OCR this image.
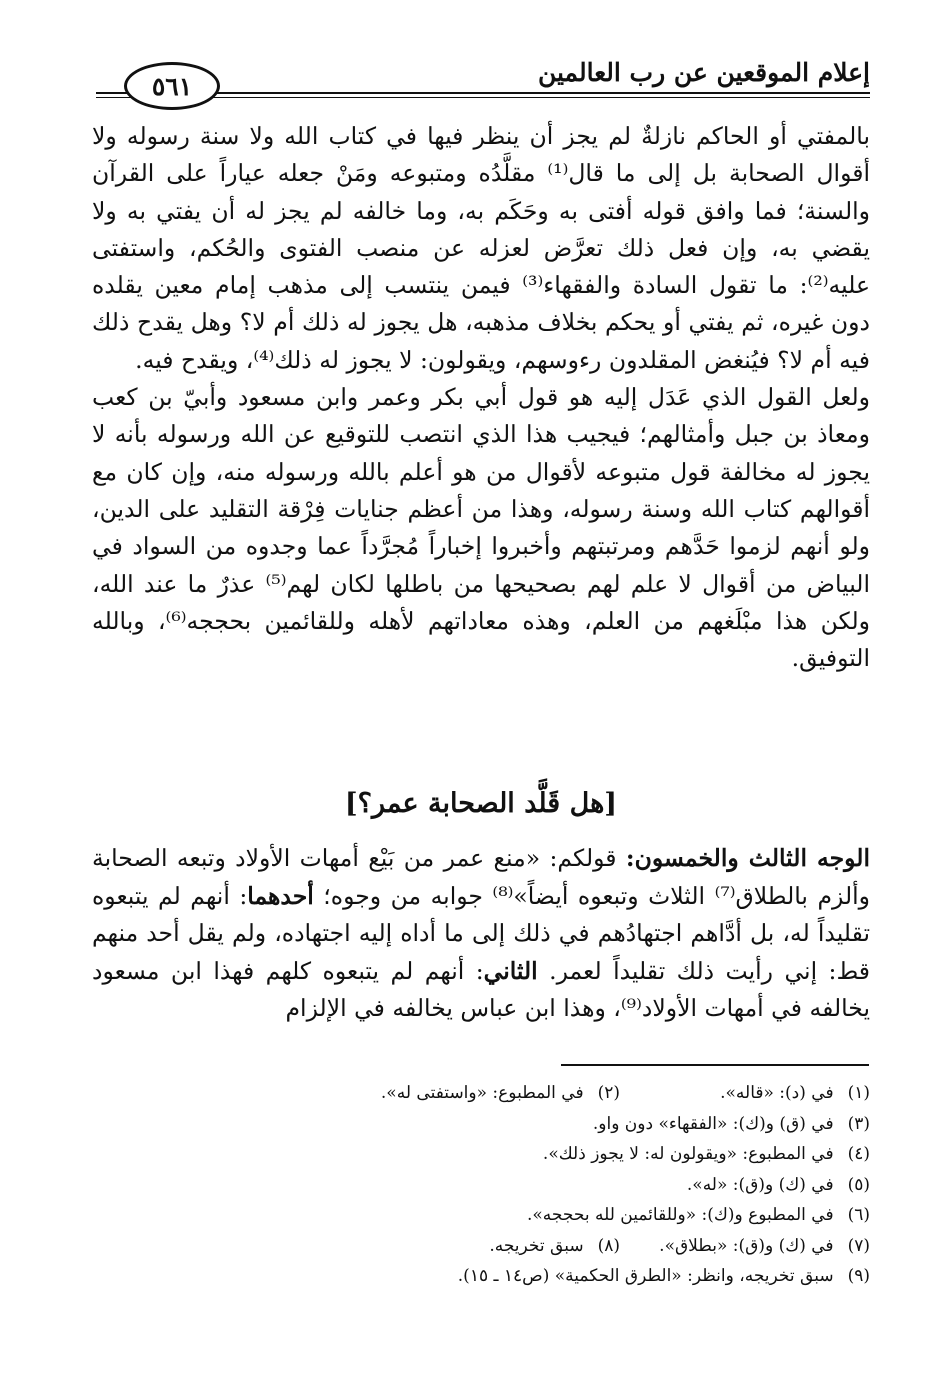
إعلام الموقعين عن رب العالمين
٥٦١

بالمفتي أو الحاكم نازلةٌ لم يجز أن ينظر فيها في كتاب الله ولا سنة رسوله ولا أقوال الصحابة بل إلى ما قال⁽¹⁾ مقلَّدُه ومتبوعه ومَنْ جعله عياراً على القرآن والسنة؛ فما وافق قوله أفتى به وحَكَم به، وما خالفه لم يجز له أن يفتي به ولا يقضي به، وإن فعل ذلك تعرَّض لعزله عن منصب الفتوى والحُكم، واستفتى عليه⁽²⁾: ما تقول السادة والفقهاء⁽³⁾ فيمن ينتسب إلى مذهب إمام معين يقلده دون غيره، ثم يفتي أو يحكم بخلاف مذهبه، هل يجوز له ذلك أم لا؟ وهل يقدح ذلك فيه أم لا؟ فيُنغض المقلدون رءوسهم، ويقولون: لا يجوز له ذلك⁽⁴⁾، ويقدح فيه.

ولعل القول الذي عَدَل إليه هو قول أبي بكر وعمر وابن مسعود وأبيّ بن كعب ومعاذ بن جبل وأمثالهم؛ فيجيب هذا الذي انتصب للتوقيع عن الله ورسوله بأنه لا يجوز له مخالفة قول متبوعه لأقوال من هو أعلم بالله ورسوله منه، وإن كان مع أقوالهم كتاب الله وسنة رسوله، وهذا من أعظم جنايات فِرْقة التقليد على الدين، ولو أنهم لزموا حَدَّهم ومرتبتهم وأخبروا إخباراً مُجرَّداً عما وجدوه من السواد في البياض من أقوال لا علم لهم بصحيحها من باطلها لكان لهم⁽⁵⁾ عذرٌ ما عند الله، ولكن هذا مبْلَغهم من العلم، وهذه معاداتهم لأهله وللقائمين بحججه⁽⁶⁾، وبالله التوفيق.

[هل قَلَّد الصحابة عمر؟]
الوجه الثالث والخمسون: قولكم: «منع عمر من بَيْع أمهات الأولاد وتبعه الصحابة وألزم بالطلاق⁽⁷⁾ الثلاث وتبعوه أيضاً»⁽⁸⁾ جوابه من وجوه؛ أحدهما: أنهم لم يتبعوه تقليداً له، بل أدَّاهم اجتهادُهم في ذلك إلى ما أداه إليه اجتهاده، ولم يقل أحد منهم قط: إني رأيت ذلك تقليداً لعمر. الثاني: أنهم لم يتبعوه كلهم فهذا ابن مسعود يخالفه في أمهات الأولاد⁽⁹⁾، وهذا ابن عباس يخالفه في الإلزام
(١)في (د): «قاله».
(٢)في المطبوع: «واستفتى له».
(٣)في (ق) و(ك): «الفقهاء» دون واو.
(٤)في المطبوع: «ويقولون له: لا يجوز ذلك».
(٥)في (ك) و(ق): «له».
(٦)في المطبوع و(ك): «وللقائمين لله بحججه».
(٧)في (ك) و(ق): «بطلاق».
(٨)سبق تخريجه.
(٩)سبق تخريجه، وانظر: «الطرق الحكمية» (ص١٤ ـ ١٥).
